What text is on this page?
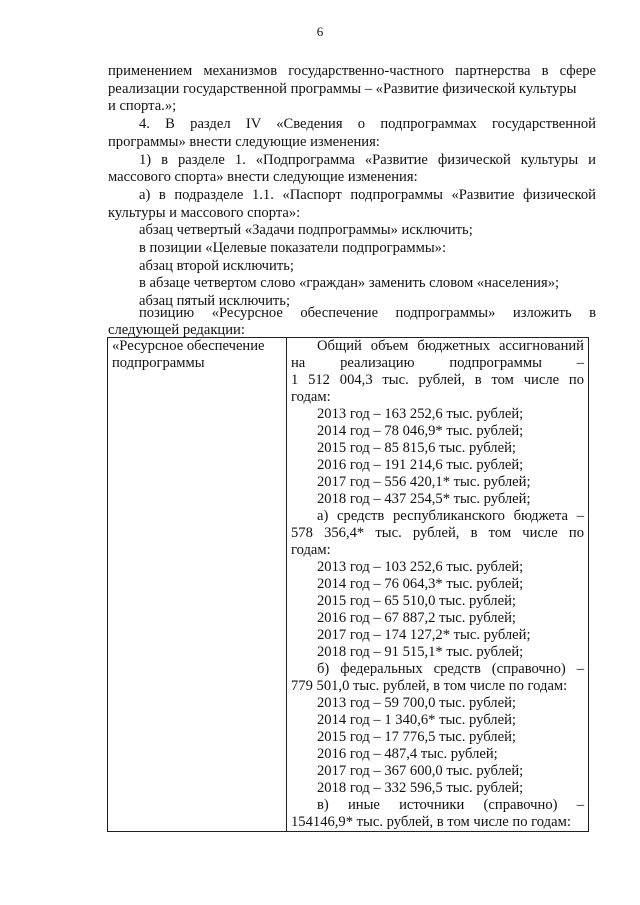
6
применением механизмов государственно-частного партнерства в сфере
реализации государственной программы – «Развитие физической культуры
и спорта.»;
4. В раздел IV «Сведения о подпрограммах государственной
программы» внести следующие изменения:
1) в разделе 1. «Подпрограмма «Развитие физической культуры и
массового спорта» внести следующие изменения:
а) в подразделе 1.1. «Паспорт подпрограммы «Развитие физической
культуры и массового спорта»:
абзац четвертый «Задачи подпрограммы» исключить;
в позиции «Целевые показатели подпрограммы»:
абзац второй исключить;
в абзаце четвертом слово «граждан» заменить словом «населения»;
абзац пятый исключить;
позицию «Ресурсное обеспечение подпрограммы» изложить в
следующей редакции:
«Ресурсное обеспечение
подпрограммы

Общий объем бюджетных ассигнований
на реализацию подпрограммы –
1 512 004,3 тыс. рублей, в том числе по
годам:
2013 год – 163 252,6 тыс. рублей;
2014 год – 78 046,9* тыс. рублей;
2015 год – 85 815,6 тыс. рублей;
2016 год – 191 214,6 тыс. рублей;
2017 год – 556 420,1* тыс. рублей;
2018 год – 437 254,5* тыс. рублей;
а) средств республиканского бюджета –
578 356,4* тыс. рублей, в том числе по
годам:
2013 год – 103 252,6 тыс. рублей;
2014 год – 76 064,3* тыс. рублей;
2015 год – 65 510,0 тыс. рублей;
2016 год – 67 887,2 тыс. рублей;
2017 год – 174 127,2* тыс. рублей;
2018 год – 91 515,1* тыс. рублей;
б) федеральных средств (справочно) –
779 501,0 тыс. рублей, в том числе по годам:
2013 год – 59 700,0 тыс. рублей;
2014 год – 1 340,6* тыс. рублей;
2015 год – 17 776,5 тыс. рублей;
2016 год – 487,4 тыс. рублей;
2017 год – 367 600,0 тыс. рублей;
2018 год – 332 596,5 тыс. рублей;
в) иные источники (справочно) –
154146,9* тыс. рублей, в том числе по годам:
